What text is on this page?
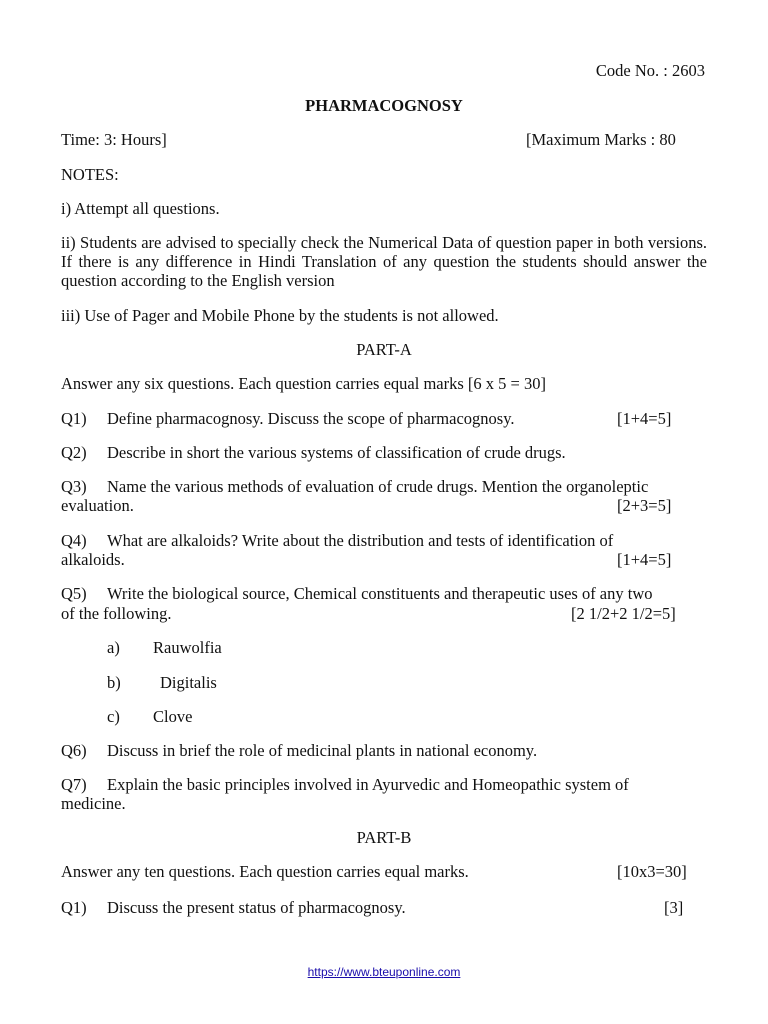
Code No. : 2603
PHARMACOGNOSY
Time: 3: Hours]	[Maximum Marks : 80
NOTES:
i) Attempt all questions.
ii) Students are advised to specially check the Numerical Data of question paper in both versions. If there is any difference in Hindi Translation of any question the students should answer the question according to the English version
iii) Use of Pager and Mobile Phone by the students is not allowed.
PART-A
Answer any six questions. Each question carries equal marks [6 x 5 = 30]
Q1) Define pharmacognosy. Discuss the scope of pharmacognosy.	[1+4=5]
Q2) Describe in short the various systems of classification of crude drugs.
Q3) Name the various methods of evaluation of crude drugs. Mention the organoleptic
evaluation.	[2+3=5]
Q4) What are alkaloids? Write about the distribution and tests of identification of
alkaloids.	[1+4=5]
Q5) Write the biological source, Chemical constituents and therapeutic uses of any two
of the following.	[2 1/2+2 1/2=5]
a) Rauwolfia
b) Digitalis
c) Clove
Q6) Discuss in brief the role of medicinal plants in national economy.
Q7) Explain the basic principles involved in Ayurvedic and Homeopathic system of
medicine.
PART-B
Answer any ten questions. Each question carries equal marks.	[10x3=30]
Q1) Discuss the present status of pharmacognosy.	[3]
https://www.bteuponline.com
